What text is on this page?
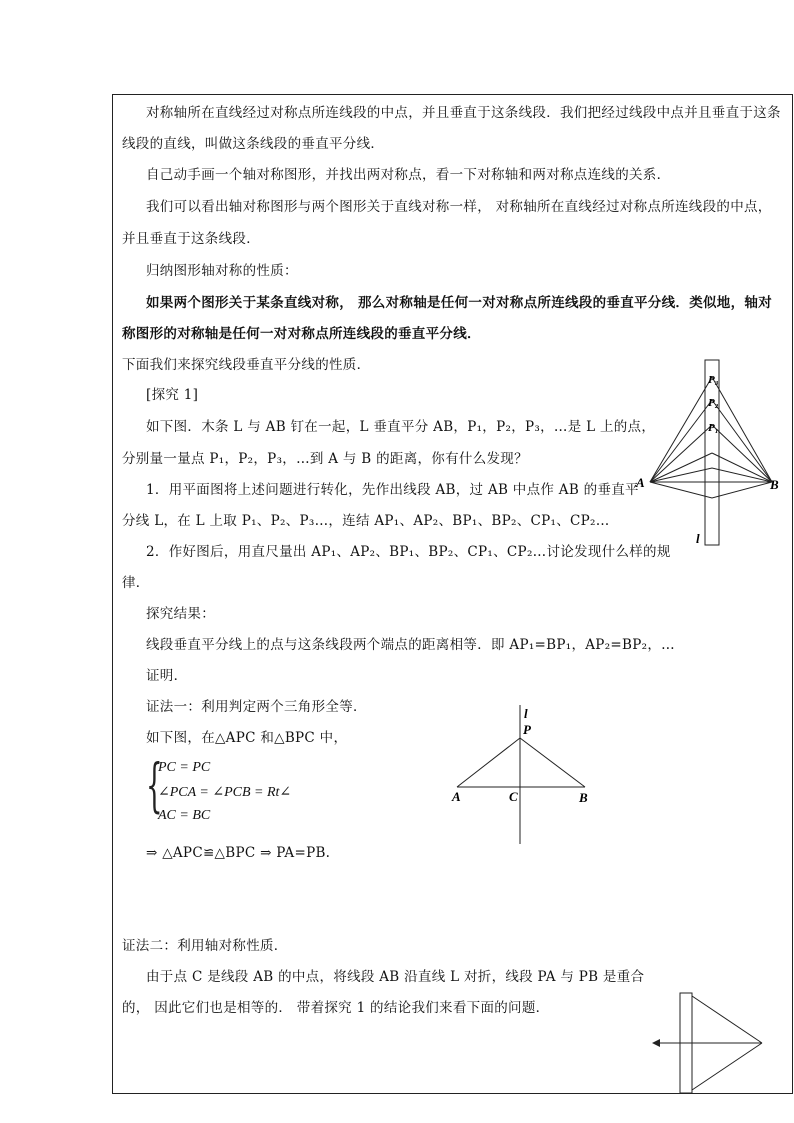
对称轴所在直线经过对称点所连线段的中点，并且垂直于这条线段．我们把经过线段中点并且垂直于这条
线段的直线，叫做这条线段的垂直平分线．
自己动手画一个轴对称图形，并找出两对称点，看一下对称轴和两对称点连线的关系．
我们可以看出轴对称图形与两个图形关于直线对称一样， 对称轴所在直线经过对称点所连线段的中点，
并且垂直于这条线段．
归纳图形轴对称的性质：
如果两个图形关于某条直线对称， 那么对称轴是任何一对对称点所连线段的垂直平分线．类似地，轴对
称图形的对称轴是任何一对对称点所连线段的垂直平分线．
下面我们来探究线段垂直平分线的性质．
[探究 1]
如下图．木条 L 与 AB 钉在一起，L 垂直平分 AB，P₁，P₂，P₃，…是 L 上的点，
分别量一量点 P₁，P₂，P₃，…到 A 与 B 的距离，你有什么发现？
1．用平面图将上述问题进行转化，先作出线段 AB，过 AB 中点作 AB 的垂直平
分线 L，在 L 上取 P₁、P₂、P₃…，连结 AP₁、AP₂、BP₁、BP₂、CP₁、CP₂…
2．作好图后，用直尺量出 AP₁、AP₂、BP₁、BP₂、CP₁、CP₂…讨论发现什么样的规
律．
探究结果：
线段垂直平分线上的点与这条线段两个端点的距离相等．即 AP₁=BP₁，AP₂=BP₂，…
证明．
证法一：利用判定两个三角形全等．
如下图，在△APC 和△BPC 中，
{
PC = PC
∠PCA = ∠PCB = Rt∠
AC = BC
⇒ △APC≌△BPC ⇒ PA=PB.
证法二：利用轴对称性质．
由于点 C 是线段 AB 的中点，将线段 AB 沿直线 L 对折，线段 PA 与 PB 是重合
的， 因此它们也是相等的． 带着探究 1 的结论我们来看下面的问题．
A	B
l
P₃
P₂
P₁
l
P
A	B
C
